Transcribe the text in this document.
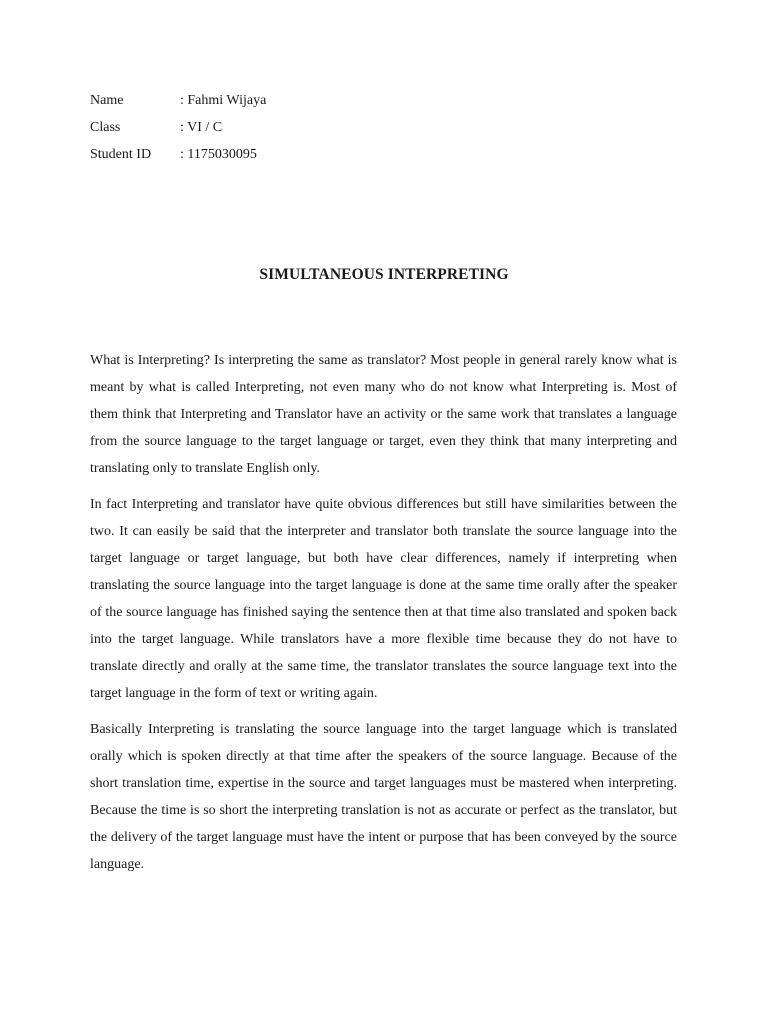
Name	: Fahmi Wijaya
Class	: VI / C
Student ID	: 1175030095
SIMULTANEOUS INTERPRETING

What is Interpreting? Is interpreting the same as translator? Most people in general rarely know what is meant by what is called Interpreting, not even many who do not know what Interpreting is. Most of them think that Interpreting and Translator have an activity or the same work that translates a language from the source language to the target language or target, even they think that many interpreting and translating only to translate English only.

In fact Interpreting and translator have quite obvious differences but still have similarities between the two. It can easily be said that the interpreter and translator both translate the source language into the target language or target language, but both have clear differences, namely if interpreting when translating the source language into the target language is done at the same time orally after the speaker of the source language has finished saying the sentence then at that time also translated and spoken back into the target language. While translators have a more flexible time because they do not have to translate directly and orally at the same time, the translator translates the source language text into the target language in the form of text or writing again.

Basically Interpreting is translating the source language into the target language which is translated orally which is spoken directly at that time after the speakers of the source language. Because of the short translation time, expertise in the source and target languages must be mastered when interpreting. Because the time is so short the interpreting translation is not as accurate or perfect as the translator, but the delivery of the target language must have the intent or purpose that has been conveyed by the source language.
